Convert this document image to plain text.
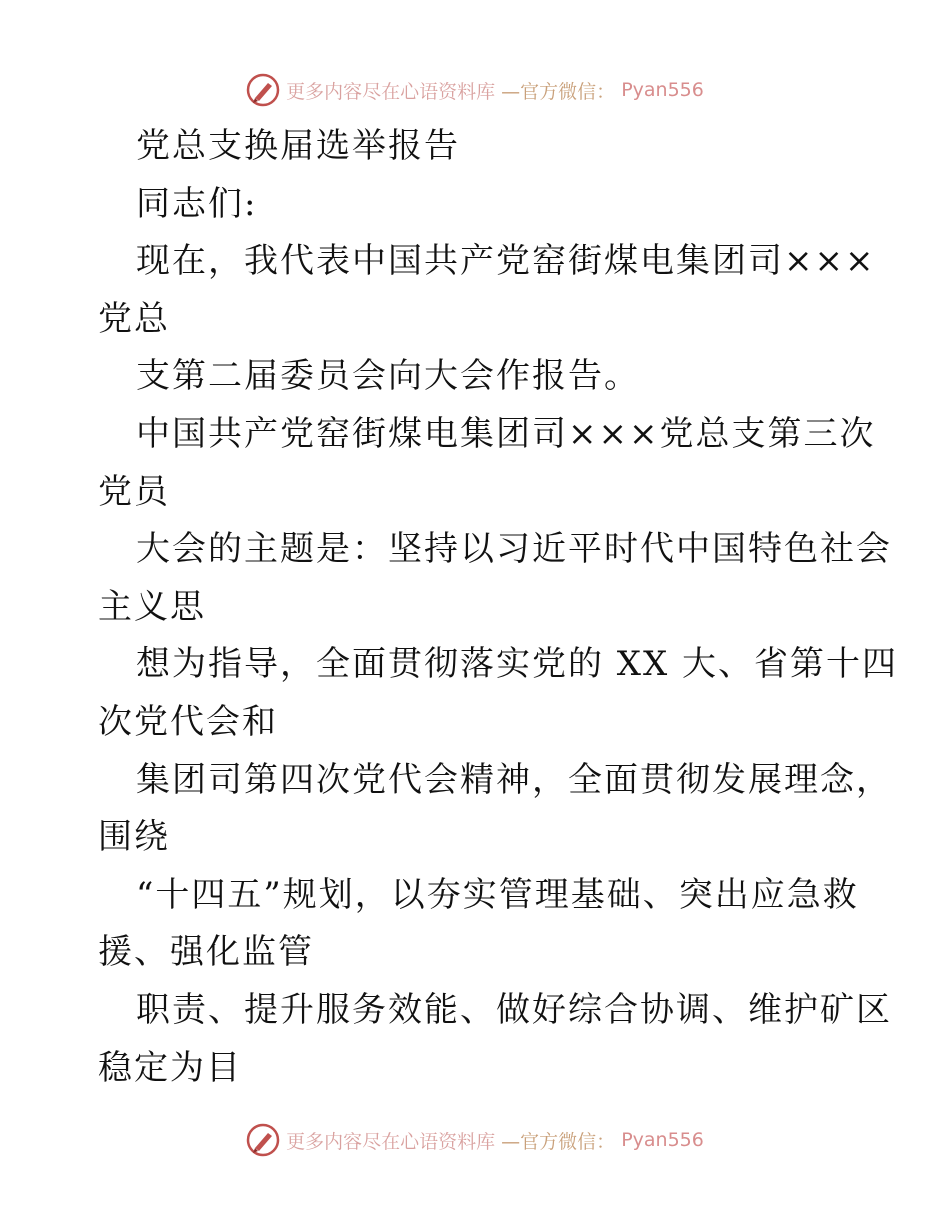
更多内容尽在心语资料库 —官方微信： Pyan556
党总支换届选举报告
同志们:
现在，我代表中国共产党窑街煤电集团司×××
党总
支第二届委员会向大会作报告。
中国共产党窑街煤电集团司×××党总支第三次
党员
大会的主题是：坚持以习近平时代中国特色社会
主义思
想为指导，全面贯彻落实党的 XX 大、省第十四
次党代会和
集团司第四次党代会精神，全面贯彻发展理念，
围绕
“十四五”规划，以夯实管理基础、突出应急救
援、强化监管
职责、提升服务效能、做好综合协调、维护矿区
稳定为目
更多内容尽在心语资料库 —官方微信： Pyan556
